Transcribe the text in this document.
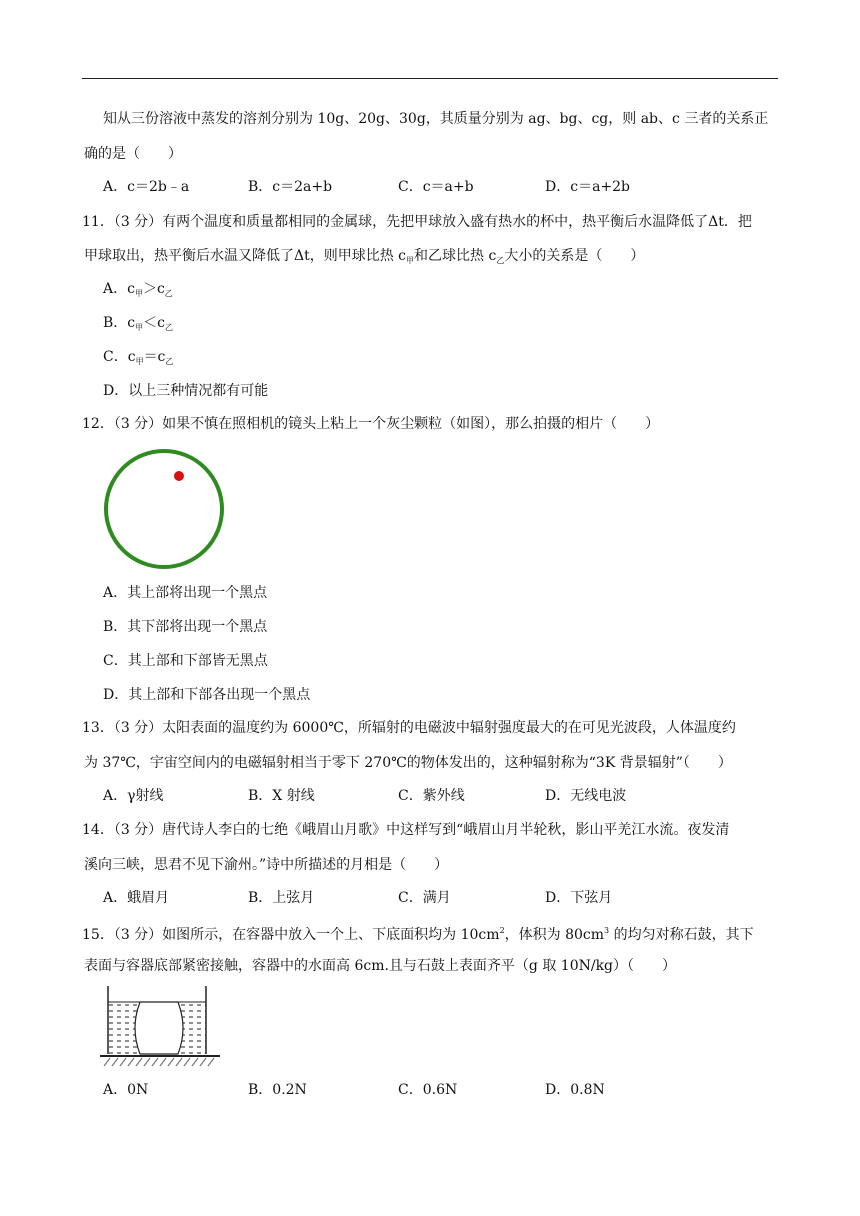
知从三份溶液中蒸发的溶剂分别为 10g、20g、30g，其质量分别为 ag、bg、cg，则 ab、c 三者的关系正
确的是（　　）
A．c＝2b﹣a	B．c＝2a+b	C．c＝a+b	D．c＝a+2b
11．（3 分）有两个温度和质量都相同的金属球，先把甲球放入盛有热水的杯中，热平衡后水温降低了Δt．把
甲球取出，热平衡后水温又降低了Δt，则甲球比热 $c_甲$和乙球比热 $c_乙$大小的关系是（　　）
A．$c_甲>c_乙$
B．$c_甲<c_乙$
C．$c_甲=c_乙$
D．以上三种情况都有可能
12．（3 分）如果不慎在照相机的镜头上粘上一个灰尘颗粒（如图），那么拍摄的相片（　　）
A．其上部将出现一个黑点
B．其下部将出现一个黑点
C．其上部和下部皆无黑点
D．其上部和下部各出现一个黑点
13．（3 分）太阳表面的温度约为 6000℃，所辐射的电磁波中辐射强度最大的在可见光波段，人体温度约
为 37℃，宇宙空间内的电磁辐射相当于零下 270℃的物体发出的，这种辐射称为“3K 背景辐射”（　　）
A．γ射线	B．X 射线	C．紫外线	D．无线电波
14．（3 分）唐代诗人李白的七绝《峨眉山月歌》中这样写到“峨眉山月半轮秋，影山平羌江水流。夜发清
溪向三峡，思君不见下渝州。”诗中所描述的月相是（　　）
A．蛾眉月	B．上弦月	C．满月	D．下弦月
15．（3 分）如图所示，在容器中放入一个上、下底面积均为 $10cm^2$，体积为 $80cm^3$ 的均匀对称石鼓，其下
表面与容器底部紧密接触，容器中的水面高 6cm.且与石鼓上表面齐平（g 取 10N/kg）（　　）
A．0N	B．0.2N	C．0.6N	D．0.8N
